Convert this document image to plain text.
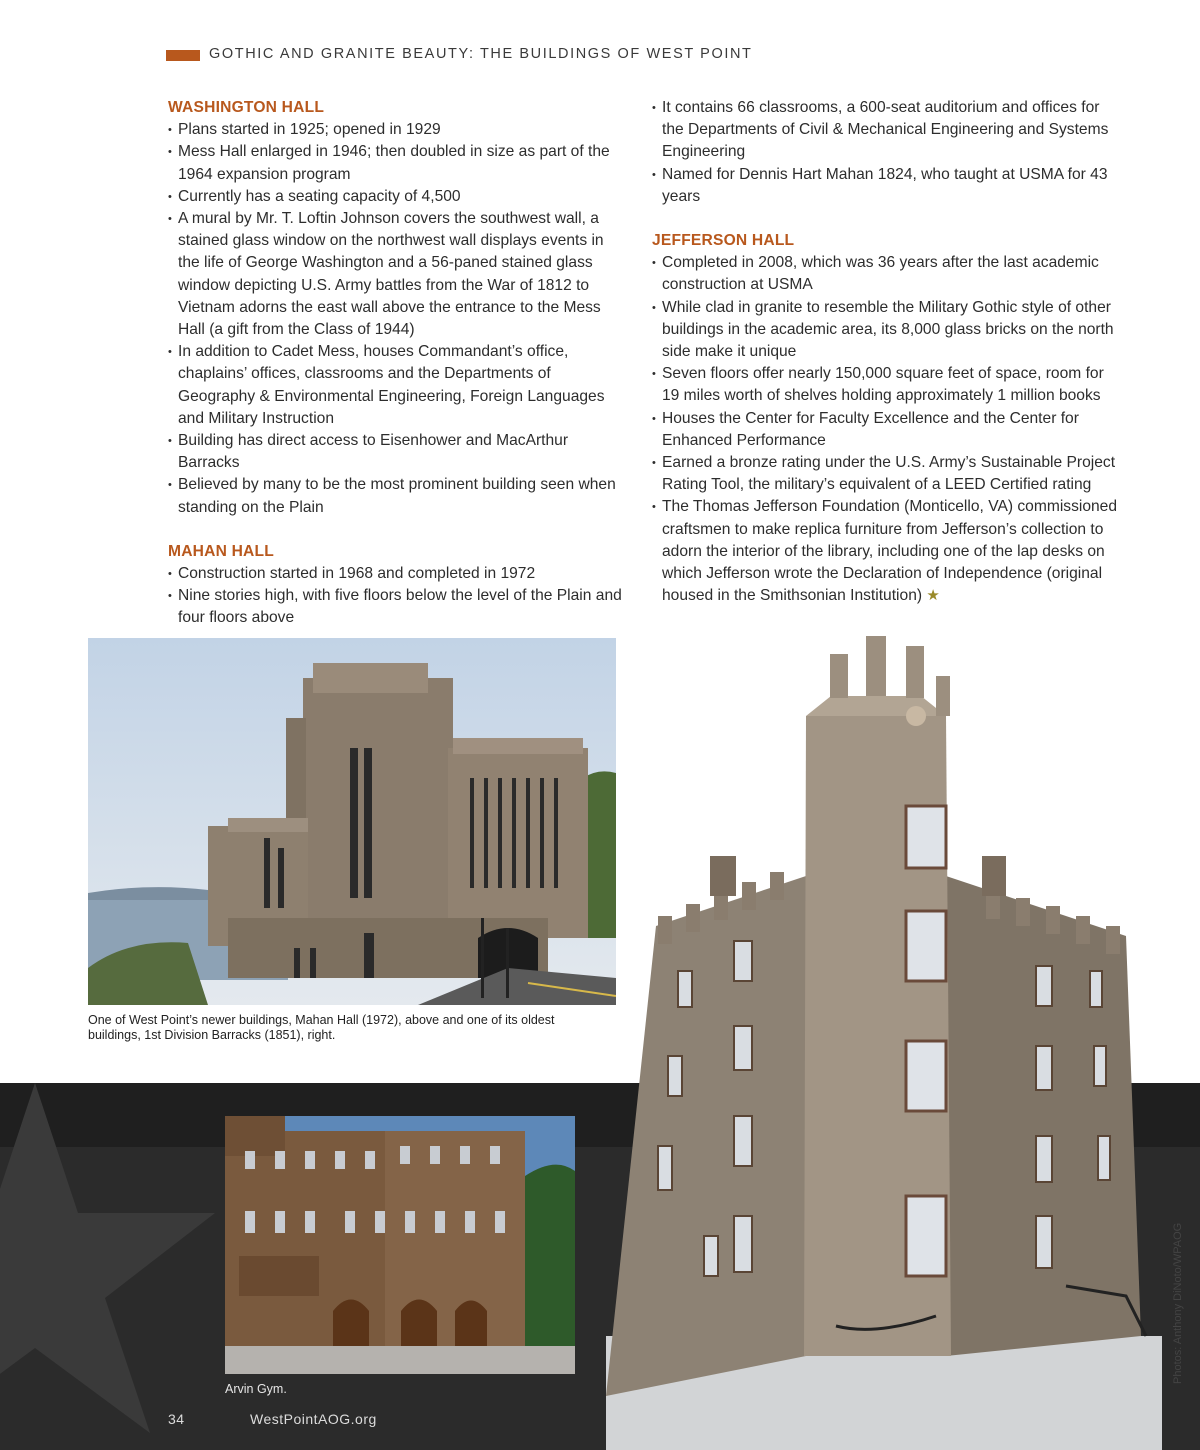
GOTHIC AND GRANITE BEAUTY: THE BUILDINGS OF WEST POINT
WASHINGTON HALL
• Plans started in 1925; opened in 1929
• Mess Hall enlarged in 1946; then doubled in size as part of the 1964 expansion program
• Currently has a seating capacity of 4,500
• A mural by Mr. T. Loftin Johnson covers the southwest wall, a stained glass window on the northwest wall displays events in the life of George Washington and a 56-paned stained glass window depicting U.S. Army battles from the War of 1812 to Vietnam adorns the east wall above the entrance to the Mess Hall (a gift from the Class of 1944)
• In addition to Cadet Mess, houses Commandant’s office, chaplains’ offices, classrooms and the Departments of Geography & Environmental Engineering, Foreign Languages and Military Instruction
• Building has direct access to Eisenhower and MacArthur Barracks
• Believed by many to be the most prominent building seen when standing on the Plain
MAHAN HALL
• Construction started in 1968 and completed in 1972
• Nine stories high, with five floors below the level of the Plain and four floors above
• It contains 66 classrooms, a 600-seat auditorium and offices for the Departments of Civil & Mechanical Engineering and Systems Engineering
• Named for Dennis Hart Mahan 1824, who taught at USMA for 43 years
JEFFERSON HALL
• Completed in 2008, which was 36 years after the last academic construction at USMA
• While clad in granite to resemble the Military Gothic style of other buildings in the academic area, its 8,000 glass bricks on the north side make it unique
• Seven floors offer nearly 150,000 square feet of space, room for 19 miles worth of shelves holding approximately 1 million books
• Houses the Center for Faculty Excellence and the Center for Enhanced Performance
• Earned a bronze rating under the U.S. Army’s Sustainable Project Rating Tool, the military’s equivalent of a LEED Certified rating
• The Thomas Jefferson Foundation (Monticello, VA) commissioned craftsmen to make replica furniture from Jefferson’s collection to adorn the interior of the library, including one of the lap desks on which Jefferson wrote the Declaration of Independence (original housed in the Smithsonian Institution) ★
One of West Point’s newer buildings, Mahan Hall (1972), above and one of its oldest buildings, 1st Division Barracks (1851), right.
Arvin Gym.
34	WestPointAOG.org
Photos: Anthony DiNoto/WPAOG
